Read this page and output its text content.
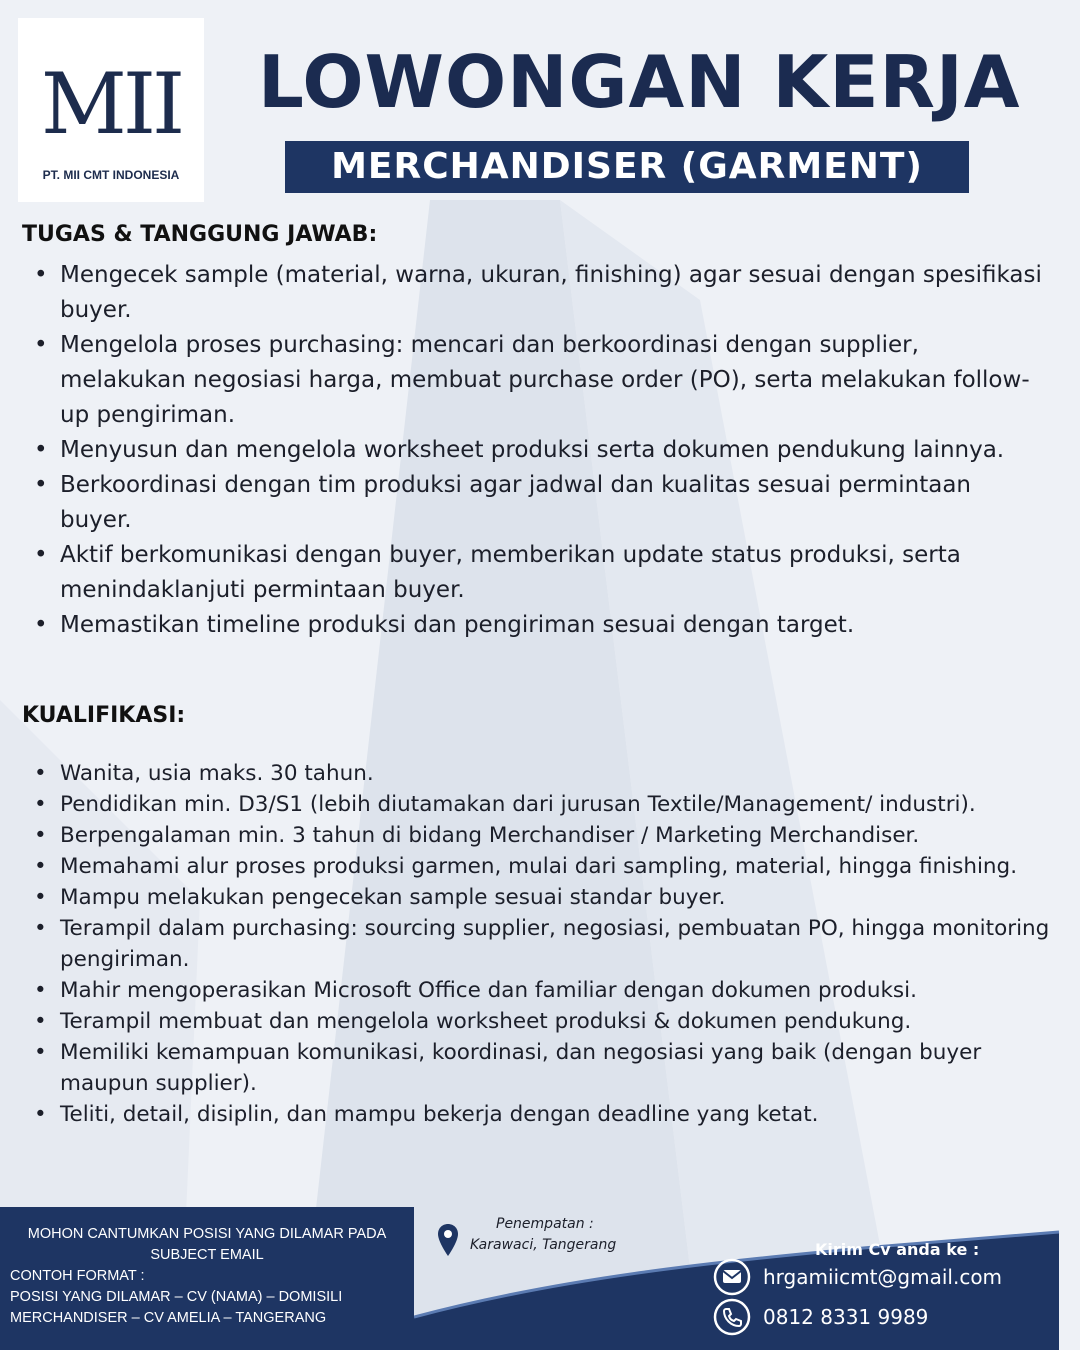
MII
PT. MII CMT INDONESIA
LOWONGAN KERJA
MERCHANDISER (GARMENT)
TUGAS & TANGGUNG JAWAB:
• Mengecek sample (material, warna, ukuran, finishing) agar sesuai dengan spesifikasi buyer.
• Mengelola proses purchasing: mencari dan berkoordinasi dengan supplier, melakukan negosiasi harga, membuat purchase order (PO), serta melakukan follow-up pengiriman.
• Menyusun dan mengelola worksheet produksi serta dokumen pendukung lainnya.
• Berkoordinasi dengan tim produksi agar jadwal dan kualitas sesuai permintaan buyer.
• Aktif berkomunikasi dengan buyer, memberikan update status produksi, serta menindaklanjuti permintaan buyer.
• Memastikan timeline produksi dan pengiriman sesuai dengan target.
KUALIFIKASI:
• Wanita, usia maks. 30 tahun.
• Pendidikan min. D3/S1 (lebih diutamakan dari jurusan Textile/Management/ industri).
• Berpengalaman min. 3 tahun di bidang Merchandiser / Marketing Merchandiser.
• Memahami alur proses produksi garmen, mulai dari sampling, material, hingga finishing.
• Mampu melakukan pengecekan sample sesuai standar buyer.
• Terampil dalam purchasing: sourcing supplier, negosiasi, pembuatan PO, hingga monitoring pengiriman.
• Mahir mengoperasikan Microsoft Office dan familiar dengan dokumen produksi.
• Terampil membuat dan mengelola worksheet produksi & dokumen pendukung.
• Memiliki kemampuan komunikasi, koordinasi, dan negosiasi yang baik (dengan buyer maupun supplier).
• Teliti, detail, disiplin, dan mampu bekerja dengan deadline yang ketat.
MOHON CANTUMKAN POSISI YANG DILAMAR PADA
SUBJECT EMAIL
CONTOH FORMAT :
POSISI YANG DILAMAR – CV (NAMA) – DOMISILI
MERCHANDISER – CV AMELIA – TANGERANG
Penempatan :
Karawaci, Tangerang	Kirim Cv anda ke :
hrgamiicmt@gmail.com
0812 8331 9989
